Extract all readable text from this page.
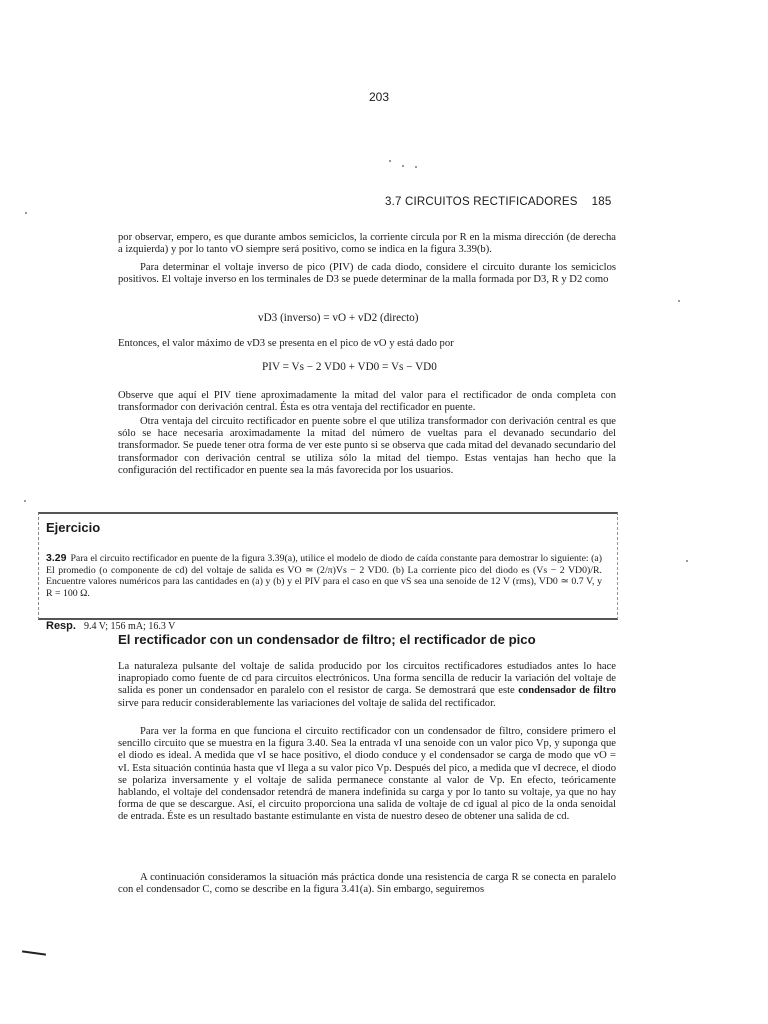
203
3.7 CIRCUITOS RECTIFICADORES 185

por observar, empero, es que durante ambos semiciclos, la corriente circula por R en la misma dirección (de derecha a izquierda) y por lo tanto vO siempre será positivo, como se indica en la figura 3.39(b).

Para determinar el voltaje inverso de pico (PIV) de cada diodo, considere el circuito durante los semiciclos positivos. El voltaje inverso en los terminales de D3 se puede determinar de la malla formada por D3, R y D2 como

vD3 (inverso) = vO + vD2 (directo)

Entonces, el valor máximo de vD3 se presenta en el pico de vO y está dado por

PIV = Vs − 2 VD0 + VD0 = Vs − VD0

Observe que aquí el PIV tiene aproximadamente la mitad del valor para el rectificador de onda completa con transformador con derivación central. Ésta es otra ventaja del rectificador en puente.

Otra ventaja del circuito rectificador en puente sobre el que utiliza transformador con derivación central es que sólo se hace necesaria aroximadamente la mitad del número de vueltas para el devanado secundario del transformador. Se puede tener otra forma de ver este punto si se observa que cada mitad del devanado secundario del transformador con derivación central se utiliza sólo la mitad del tiempo. Estas ventajas han hecho que la configuración del rectificador en puente sea la más favorecida por los usuarios.

Ejercicio

3.29 Para el circuito rectificador en puente de la figura 3.39(a), utilice el modelo de diodo de caída constante para demostrar lo siguiente: (a) El promedio (o componente de cd) del voltaje de salida es VO ≃ (2/π)Vs − 2 VD0. (b) La corriente pico del diodo es (Vs − 2 VD0)/R. Encuentre valores numéricos para las cantidades en (a) y (b) y el PIV para el caso en que vS sea una senoide de 12 V (rms), VD0 ≃ 0.7 V, y R = 100 Ω.

Resp. 9.4 V; 156 mA; 16.3 V
El rectificador con un condensador de filtro; el rectificador de pico

La naturaleza pulsante del voltaje de salida producido por los circuitos rectificadores estudiados antes lo hace inapropiado como fuente de cd para circuitos electrónicos. Una forma sencilla de reducir la variación del voltaje de salida es poner un condensador en paralelo con el resistor de carga. Se demostrará que este condensador de filtro sirve para reducir considerablemente las variaciones del voltaje de salida del rectificador.

Para ver la forma en que funciona el circuito rectificador con un condensador de filtro, considere primero el sencillo circuito que se muestra en la figura 3.40. Sea la entrada vI una senoide con un valor pico Vp, y suponga que el diodo es ideal. A medida que vI se hace positivo, el diodo conduce y el condensador se carga de modo que vO = vI. Esta situación continúa hasta que vI llega a su valor pico Vp. Después del pico, a medida que vI decrece, el diodo se polariza inversamente y el voltaje de salida permanece constante al valor de Vp. En efecto, teóricamente hablando, el voltaje del condensador retendrá de manera indefinida su carga y por lo tanto su voltaje, ya que no hay forma de que se descargue. Así, el circuito proporciona una salida de voltaje de cd igual al pico de la onda senoidal de entrada. Éste es un resultado bastante estimulante en vista de nuestro deseo de obtener una salida de cd.

A continuación consideramos la situación más práctica donde una resistencia de carga R se conecta en paralelo con el condensador C, como se describe en la figura 3.41(a). Sin embargo, seguiremos
